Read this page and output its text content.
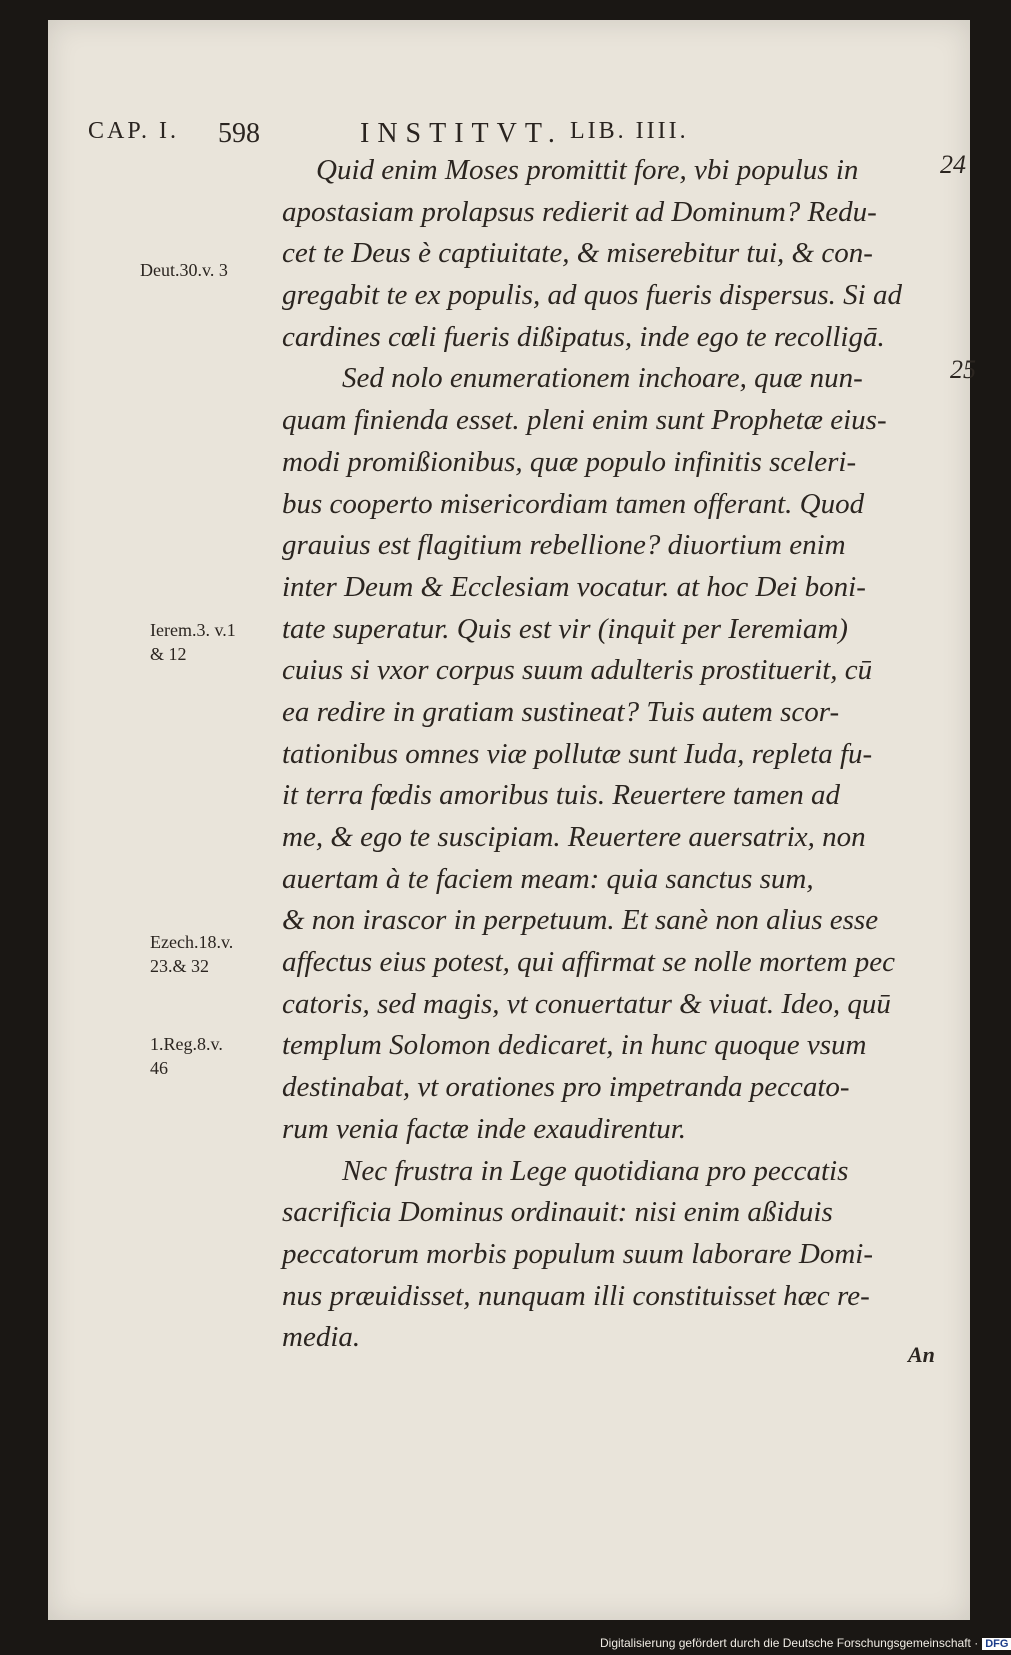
CAP. I. 598	INSTITVT. LIB. IIII.
24
25
Deut.30.v. 3
Ierem.3. v.1
& 12
Ezech.18.v.
23.& 32
1.Reg.8.v.
46
Quid enim Moses promittit fore, vbi populus in
apostasiam prolapsus redierit ad Dominum? Redu-
cet te Deus è captiuitate, & miserebitur tui, & con-
gregabit te ex populis, ad quos fueris dispersus. Si ad
cardines cœli fueris dißipatus, inde ego te recolligā.
Sed nolo enumerationem inchoare, quæ nun-
quam finienda esset. pleni enim sunt Prophetæ eius-
modi promißionibus, quæ populo infinitis sceleri-
bus cooperto misericordiam tamen offerant. Quod
grauius est flagitium rebellione? diuortium enim
inter Deum & Ecclesiam vocatur. at hoc Dei boni-
tate superatur. Quis est vir (inquit per Ieremiam)
cuius si vxor corpus suum adulteris prostituerit, cū
ea redire in gratiam sustineat? Tuis autem scor-
tationibus omnes viæ pollutæ sunt Iuda, repleta fu-
it terra fœdis amoribus tuis. Reuertere tamen ad
me, & ego te suscipiam. Reuertere auersatrix, non
auertam à te faciem meam: quia sanctus sum,
& non irascor in perpetuum. Et sanè non alius esse
affectus eius potest, qui affirmat se nolle mortem pec
catoris, sed magis, vt conuertatur & viuat. Ideo, quū
templum Solomon dedicaret, in hunc quoque vsum
destinabat, vt orationes pro impetranda peccato-
rum venia factæ inde exaudirentur.
Nec frustra in Lege quotidiana pro peccatis
sacrificia Dominus ordinauit: nisi enim aßiduis
peccatorum morbis populum suum laborare Domi-
nus præuidisset, nunquam illi constituisset hæc re-
media.
An
Digitalisierung gefördert durch die Deutsche Forschungsgemeinschaft · DFG
